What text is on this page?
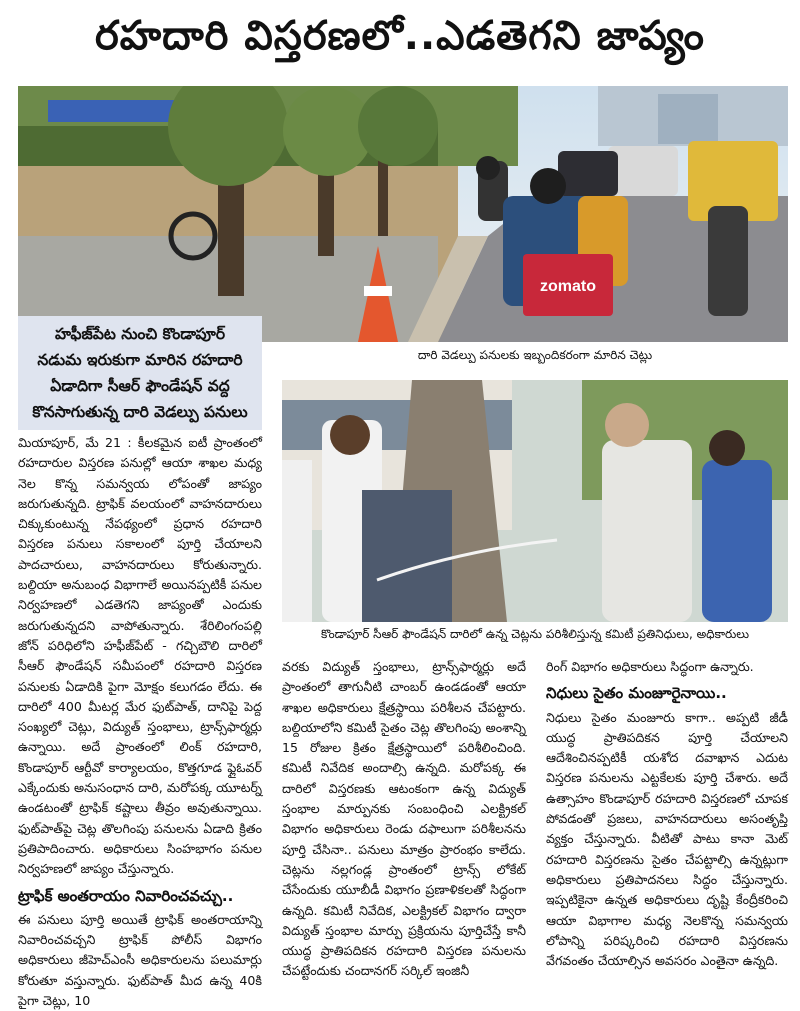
రహదారి విస్తరణలో..ఎడతెగని జాప్యం
zomato
హఫీజ్‌పేట నుంచి కొండాపూర్‌
నడుమ ఇరుకుగా మారిన రహదారి
ఏడాదిగా సీఆర్‌ ఫౌండేషన్‌ వద్ద
కొనసాగుతున్న దారి వెడల్పు పనులు
దారి వెడల్పు పనులకు ఇబ్బందికరంగా మారిన చెట్లు
కొండాపూర్‌ సీఆర్‌ ఫౌండేషన్‌ దారిలో ఉన్న చెట్లను పరిశీలిస్తున్న కమిటీ ప్రతినిధులు, అధికారులు

మియాపూర్, మే 21 : కీలకమైన ఐటీ ప్రాంతంలో రహదారుల విస్తరణ పనుల్లో ఆయా శాఖల మధ్య నెల కొన్న సమన్వయ లోపంతో జాప్యం జరుగుతున్నది. ట్రాఫిక్‌ వలయంలో వాహనదారులు చిక్కుకుంటున్న నేపథ్యంలో ప్రధాన రహదారి విస్తరణ పనులు సకాలంలో పూర్తి చేయాలని పాదచారులు, వాహనదారులు కోరుతున్నారు. బల్దియా అనుబంధ విభాగాలే అయినప్పటికీ పనుల నిర్వహణలో ఎడతెగని జాప్యంతో ఎందుకు జరుగుతున్నదని వాపోతున్నారు. శేరిలింగంపల్లి జోన్‌ పరిధిలోని హఫీజ్‌పేట్‌ - గచ్చిబౌలి దారిలో సీఆర్‌ ఫౌండేషన్‌ సమీపంలో రహదారి విస్తరణ పనులకు ఏడాదికి పైగా మోక్షం కలుగడం లేదు. ఈ దారిలో 400 మీటర్ల మేర ఫుట్‌పాత్, దానిపై పెద్ద సంఖ్యలో చెట్లు, విద్యుత్‌ స్తంభాలు, ట్రాన్స్‌ఫార్మర్లు ఉన్నాయి. అదే ప్రాంతంలో లింక్‌ రహదారి, కొండాపూర్‌ ఆర్టీవో కార్యాలయం, కొత్తగూడ ఫ్లైఓవర్‌ ఎక్కేందుకు అనుసంధాన దారి, మరోపక్క యూటర్న్‌ ఉండటంతో ట్రాఫిక్‌ కష్టాలు తీవ్రం అవుతున్నాయి. ఫుట్‌పాత్‌పై చెట్ల తొలగింపు పనులను ఏడాది క్రితం ప్రతిపాదించారు. అధికారులు సింహభాగం పనుల నిర్వహణలో జాప్యం చేస్తున్నారు.

ట్రాఫిక్‌ అంతరాయం నివారించవచ్చు..

ఈ పనులు పూర్తి అయితే ట్రాఫిక్‌ అంతరాయాన్ని నివారించవచ్చని ట్రాఫిక్‌ పోలీస్‌ విభాగం అధికారులు జీహెచ్‌ఎంసీ అధికారులను పలుమార్లు కోరుతూ వస్తున్నారు. ఫుట్‌పాత్‌ మీద ఉన్న 40కి పైగా చెట్లు, 10

వరకు విద్యుత్‌ స్తంభాలు, ట్రాన్స్‌ఫార్మర్లు అదే ప్రాంతంలో తాగునీటి చాంబర్‌ ఉండడంతో ఆయా శాఖల అధికారులు క్షేత్రస్థాయి పరిశీలన చేపట్టారు. బల్దియాలోని కమిటీ సైతం చెట్ల తొలగింపు అంశాన్ని 15 రోజుల క్రితం క్షేత్రస్థాయిలో పరిశీలించింది. కమిటీ నివేదిక అందాల్సి ఉన్నది. మరోపక్క ఈ దారిలో విస్తరణకు ఆటంకంగా ఉన్న విద్యుత్‌ స్తంభాల మార్పునకు సంబంధించి ఎలక్ట్రికల్‌ విభాగం అధికారులు రెండు దఫాలుగా పరిశీలనను పూర్తి చేసినా.. పనులు మాత్రం ప్రారంభం కాలేదు. చెట్లను నల్లగండ్ల ప్రాంతంలో ట్రాన్స్‌ లోకేట్‌ చేసేందుకు యూబీడీ విభాగం ప్రణాళికలతో సిద్ధంగా ఉన్నది. కమిటీ నివేదిక, ఎలక్ట్రికల్‌ విభాగం ద్వారా విద్యుత్‌ స్తంభాల మార్పు ప్రక్రియను పూర్తిచేస్తే కానీ యుద్ధ ప్రాతిపదికన రహదారి విస్తరణ పనులను చేపట్టేందుకు చందానగర్‌ సర్కిల్‌ ఇంజినీ

రింగ్‌ విభాగం అధికారులు సిద్ధంగా ఉన్నారు.

నిధులు సైతం మంజూరైనాయి..

నిధులు సైతం మంజూరు కాగా.. అప్పటి జీడీ యుద్ధ ప్రాతిపదికన పూర్తి చేయాలని ఆదేశించినప్పటికీ యశోద దవాఖాన ఎదుట విస్తరణ పనులను ఎట్టకేలకు పూర్తి చేశారు. అదే ఉత్సాహం కొండాపూర్‌ రహదారి విస్తరణలో చూపక పోవడంతో ప్రజలు, వాహనదారులు అసంతృప్తి వ్యక్తం చేస్తున్నారు. వీటితో పాటు కానా మెట్‌ రహదారి విస్తరణను సైతం చేపట్టాల్సి ఉన్నట్లుగా అధికారులు ప్రతిపాదనలు సిద్ధం చేస్తున్నారు. ఇప్పటికైనా ఉన్నత అధికారులు దృష్టి కేంద్రీకరించి ఆయా విభాగాల మధ్య నెలకొన్న సమన్వయ లోపాన్ని పరిష్కరించి రహదారి విస్తరణను వేగవంతం చేయాల్సిన అవసరం ఎంతైనా ఉన్నది.
